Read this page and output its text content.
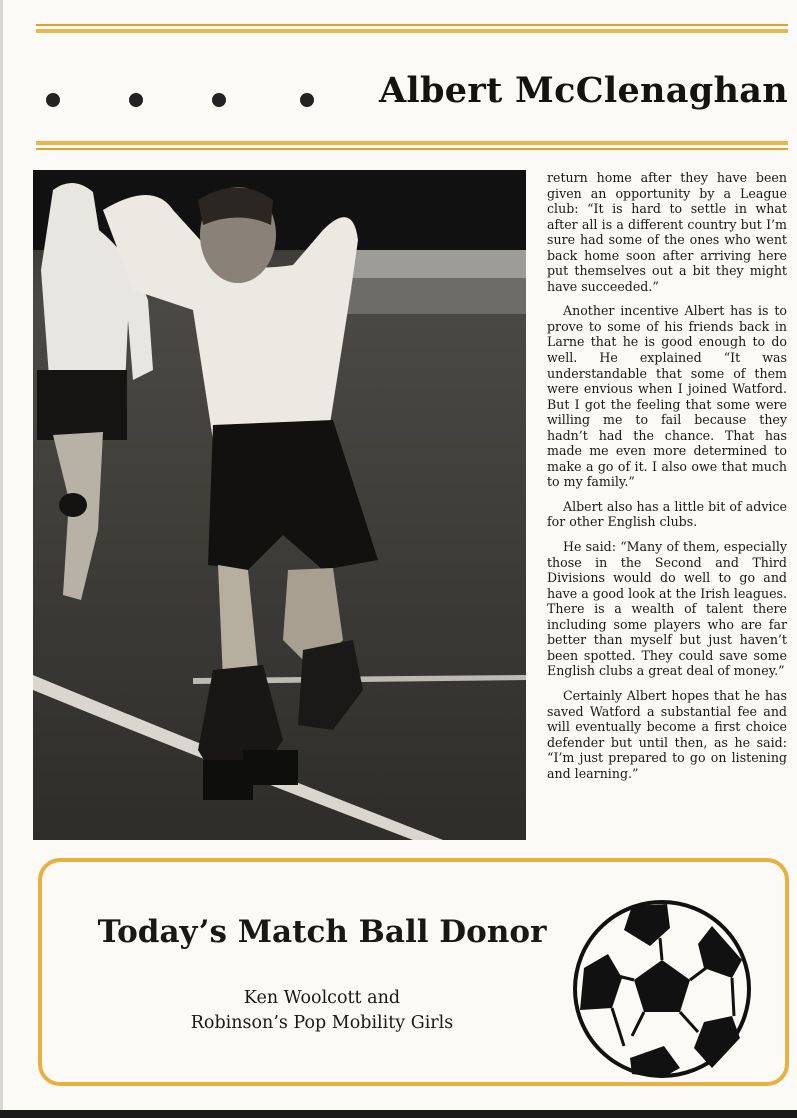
Albert McClenaghan

return home after they have been given an opportunity by a League club: “It is hard to settle in what after all is a different country but I’m sure had some of the ones who went back home soon after arriving here put themselves out a bit they might have succeeded.”

Another incentive Albert has is to prove to some of his friends back in Larne that he is good enough to do well. He explained “It was understandable that some of them were envious when I joined Watford. But I got the feeling that some were willing me to fail because they hadn’t had the chance. That has made me even more determined to make a go of it. I also owe that much to my family.”

Albert also has a little bit of advice for other English clubs.

He said: “Many of them, especially those in the Second and Third Divisions would do well to go and have a good look at the Irish leagues. There is a wealth of talent there including some players who are far better than myself but just haven’t been spotted. They could save some English clubs a great deal of money.”

Certainly Albert hopes that he has saved Watford a substantial fee and will eventually become a first choice defender but until then, as he said: “I’m just prepared to go on listening and learning.”

Today’s Match Ball Donor
Ken Woolcott and
Robinson’s Pop Mobility Girls
